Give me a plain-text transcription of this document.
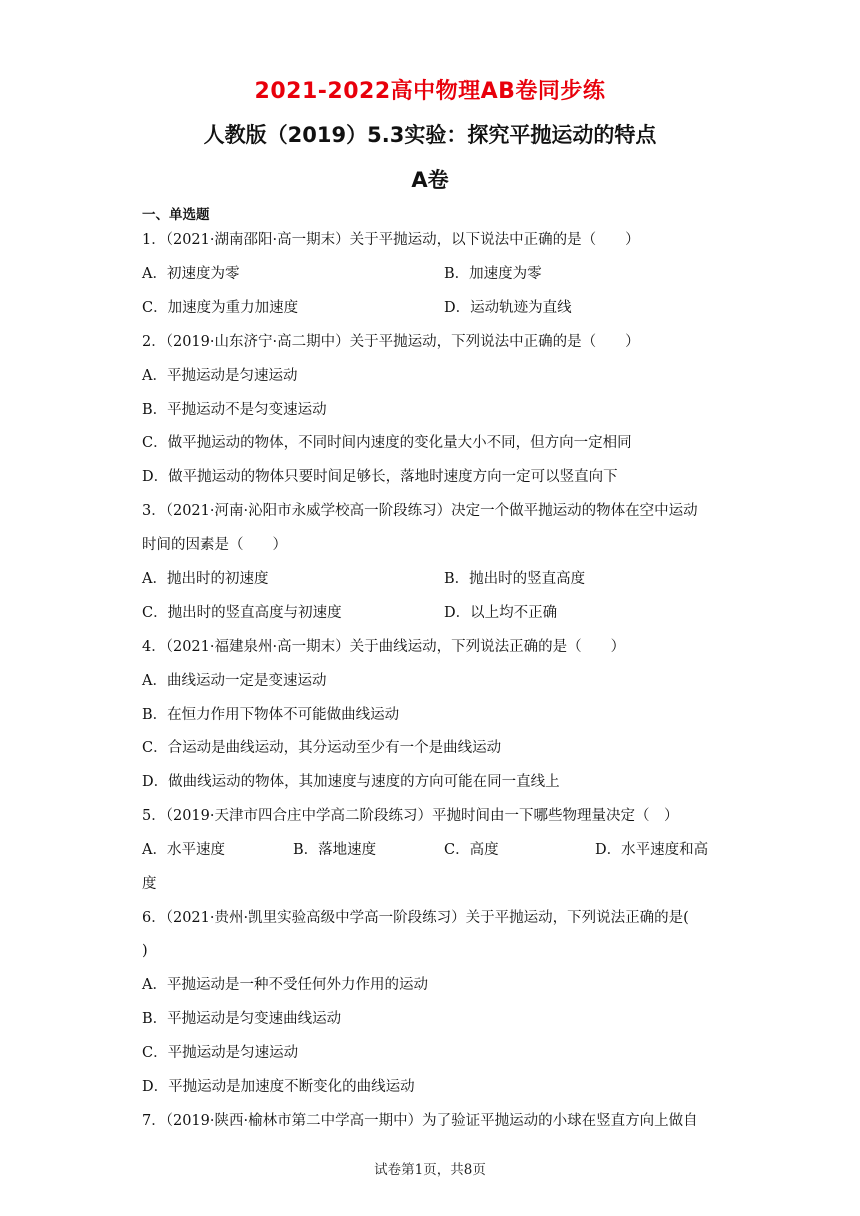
2021-2022高中物理AB卷同步练
人教版（2019）5.3实验：探究平抛运动的特点
A卷
一、单选题
1．（2021·湖南邵阳·高一期末）关于平抛运动，以下说法中正确的是（　　）
A．初速度为零	B．加速度为零
C．加速度为重力加速度	D．运动轨迹为直线
2．（2019·山东济宁·高二期中）关于平抛运动，下列说法中正确的是（　　）
A．平抛运动是匀速运动
B．平抛运动不是匀变速运动
C．做平抛运动的物体，不同时间内速度的变化量大小不同，但方向一定相同
D．做平抛运动的物体只要时间足够长，落地时速度方向一定可以竖直向下
3．（2021·河南·沁阳市永威学校高一阶段练习）决定一个做平抛运动的物体在空中运动
时间的因素是（　　）
A．抛出时的初速度	B．抛出时的竖直高度
C．抛出时的竖直高度与初速度	D．以上均不正确
4．（2021·福建泉州·高一期末）关于曲线运动，下列说法正确的是（　　）
A．曲线运动一定是变速运动
B．在恒力作用下物体不可能做曲线运动
C．合运动是曲线运动，其分运动至少有一个是曲线运动
D．做曲线运动的物体，其加速度与速度的方向可能在同一直线上
5．（2019·天津市四合庄中学高二阶段练习）平抛时间由一下哪些物理量决定（　）
A．水平速度	B．落地速度	C．高度	D．水平速度和高
度
6．（2021·贵州·凯里实验高级中学高一阶段练习）关于平抛运动，下列说法正确的是(
)
A．平抛运动是一种不受任何外力作用的运动
B．平抛运动是匀变速曲线运动
C．平抛运动是匀速运动
D．平抛运动是加速度不断变化的曲线运动
7．（2019·陕西·榆林市第二中学高一期中）为了验证平抛运动的小球在竖直方向上做自
试卷第1页，共8页
